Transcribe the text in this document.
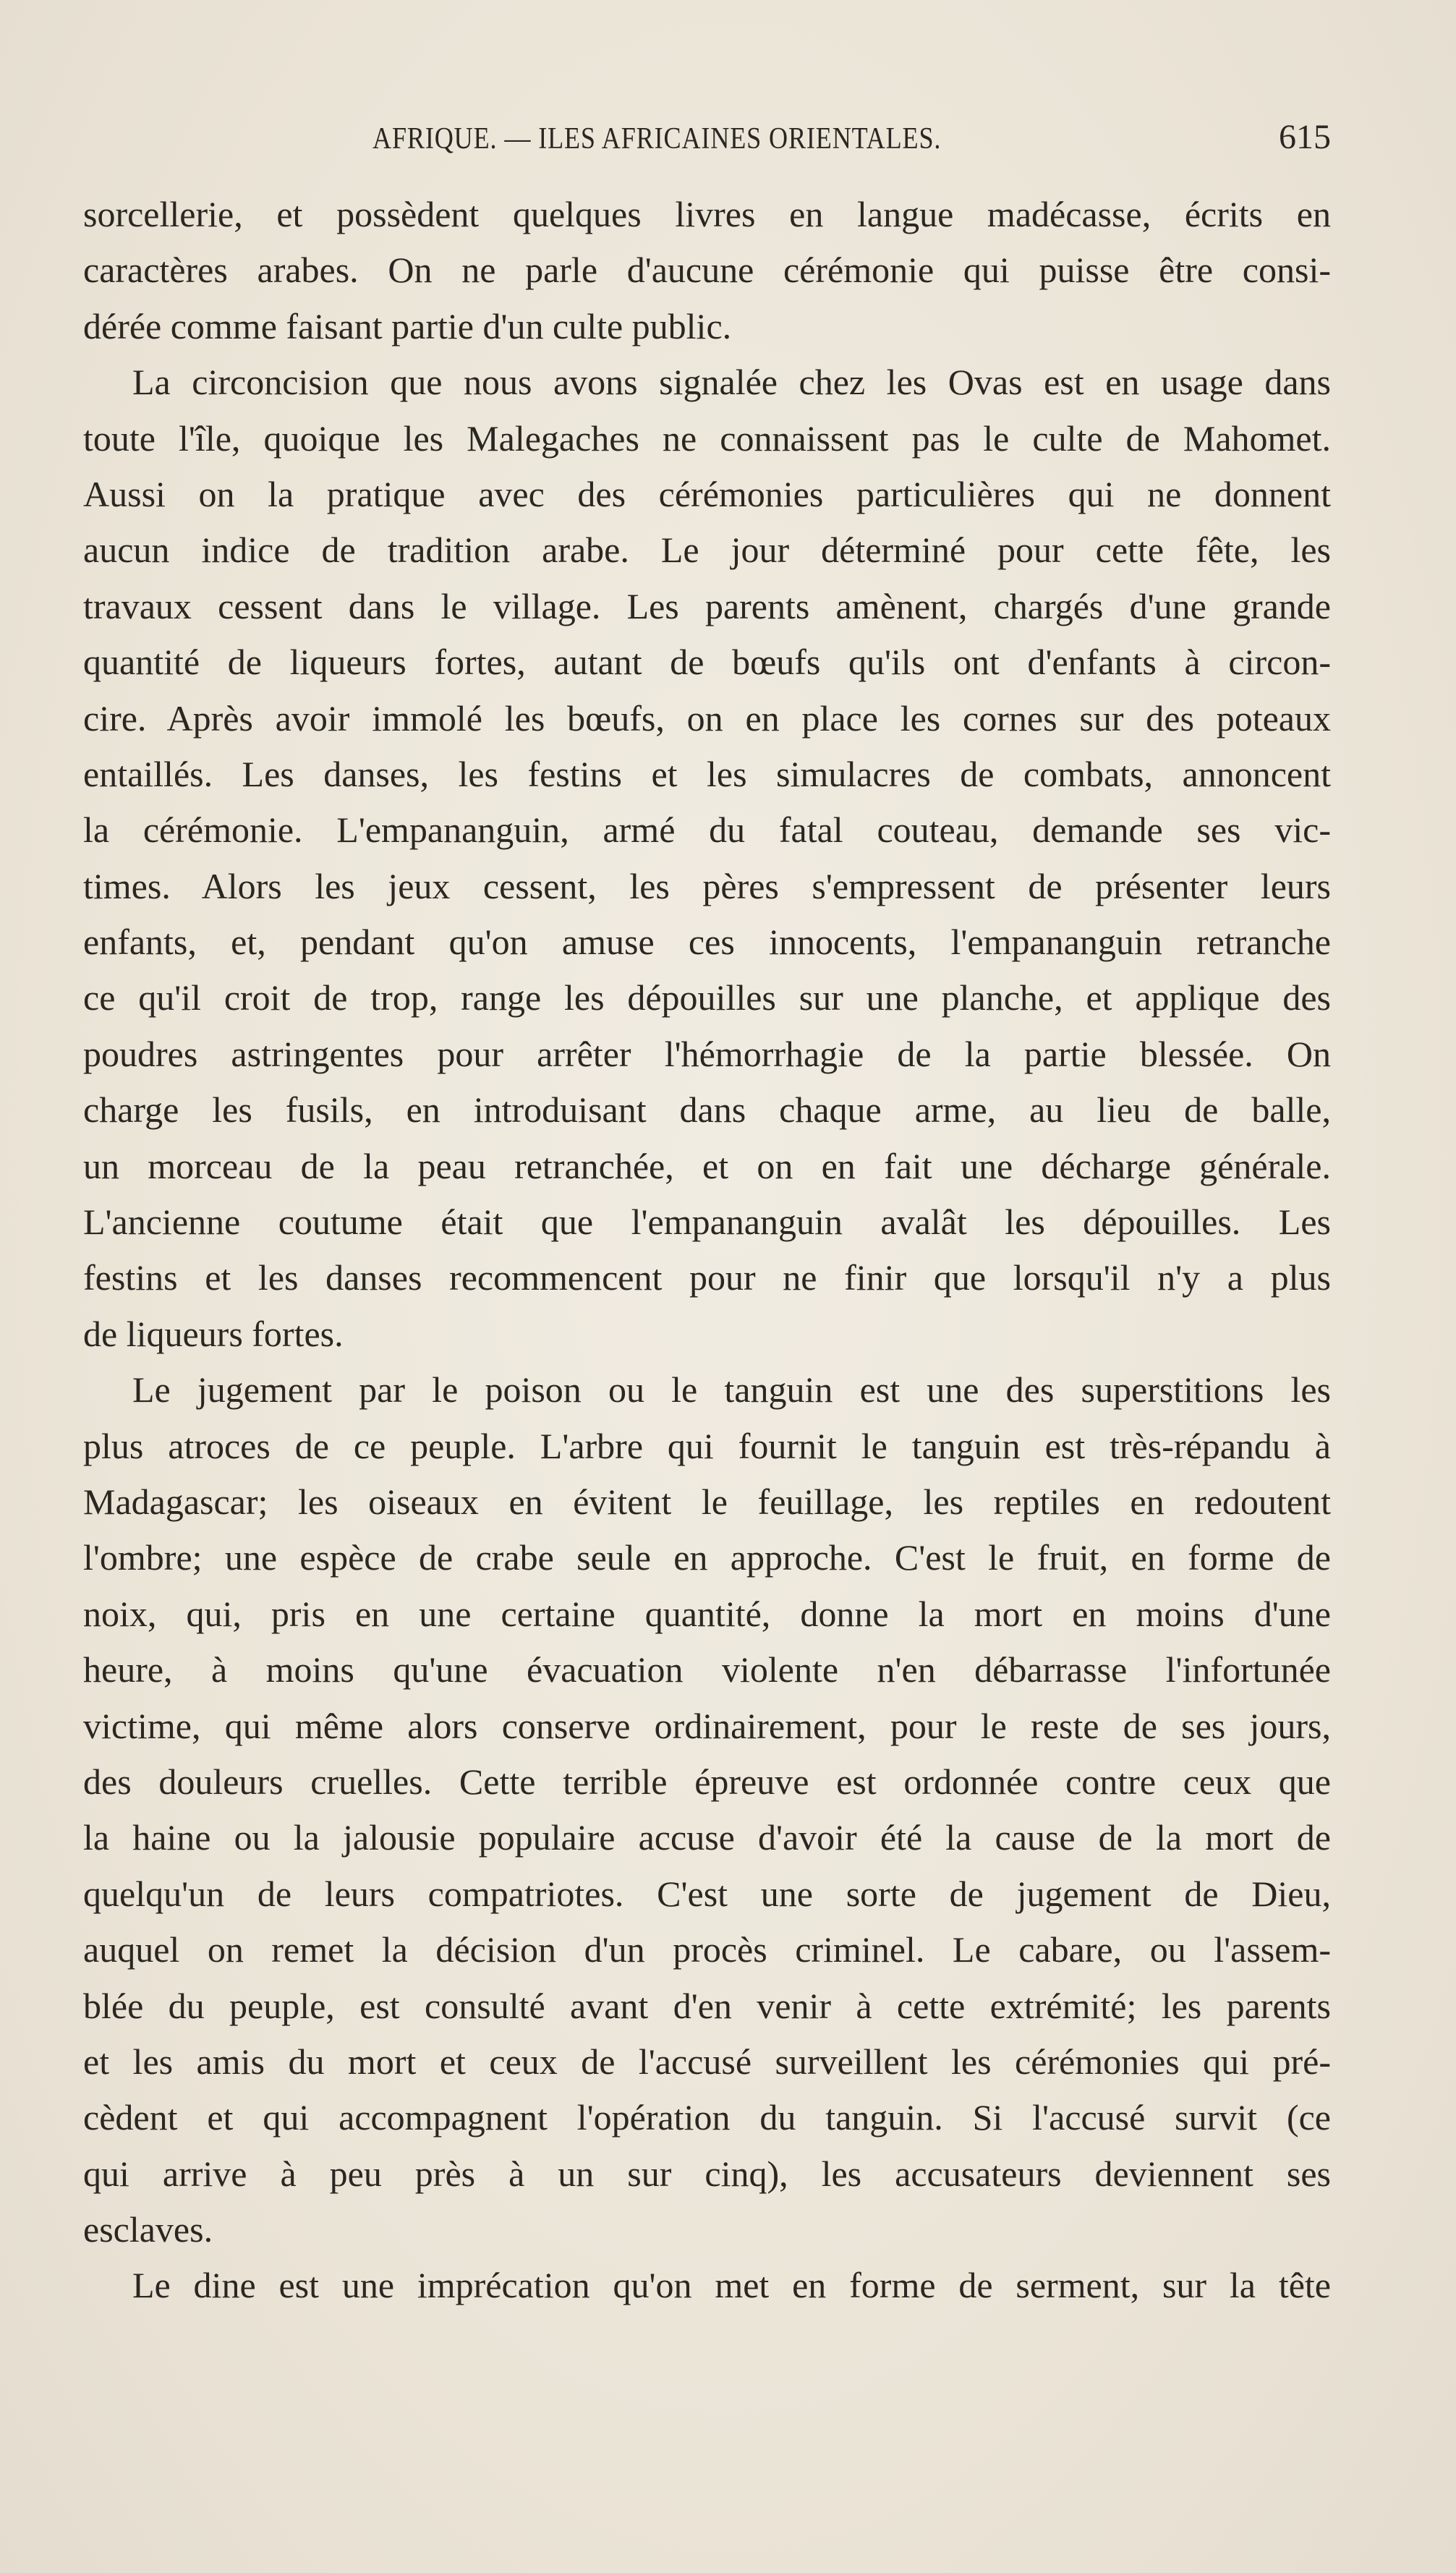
AFRIQUE. — ILES AFRICAINES ORIENTALES.	615

sorcellerie, et possèdent quelques livres en langue madécasse, écrits en
caractères arabes. On ne parle d'aucune cérémonie qui puisse être consi-
dérée comme faisant partie d'un culte public.

La circoncision que nous avons signalée chez les Ovas est en usage dans
toute l'île, quoique les Malegaches ne connaissent pas le culte de Mahomet.
Aussi on la pratique avec des cérémonies particulières qui ne donnent
aucun indice de tradition arabe. Le jour déterminé pour cette fête, les
travaux cessent dans le village. Les parents amènent, chargés d'une grande
quantité de liqueurs fortes, autant de bœufs qu'ils ont d'enfants à circon-
cire. Après avoir immolé les bœufs, on en place les cornes sur des poteaux
entaillés. Les danses, les festins et les simulacres de combats, annoncent
la cérémonie. L'empananguin, armé du fatal couteau, demande ses vic-
times. Alors les jeux cessent, les pères s'empressent de présenter leurs
enfants, et, pendant qu'on amuse ces innocents, l'empananguin retranche
ce qu'il croit de trop, range les dépouilles sur une planche, et applique des
poudres astringentes pour arrêter l'hémorrhagie de la partie blessée. On
charge les fusils, en introduisant dans chaque arme, au lieu de balle,
un morceau de la peau retranchée, et on en fait une décharge générale.
L'ancienne coutume était que l'empananguin avalât les dépouilles. Les
festins et les danses recommencent pour ne finir que lorsqu'il n'y a plus
de liqueurs fortes.

Le jugement par le poison ou le tanguin est une des superstitions les
plus atroces de ce peuple. L'arbre qui fournit le tanguin est très-répandu à
Madagascar; les oiseaux en évitent le feuillage, les reptiles en redoutent
l'ombre; une espèce de crabe seule en approche. C'est le fruit, en forme de
noix, qui, pris en une certaine quantité, donne la mort en moins d'une
heure, à moins qu'une évacuation violente n'en débarrasse l'infortunée
victime, qui même alors conserve ordinairement, pour le reste de ses jours,
des douleurs cruelles. Cette terrible épreuve est ordonnée contre ceux que
la haine ou la jalousie populaire accuse d'avoir été la cause de la mort de
quelqu'un de leurs compatriotes. C'est une sorte de jugement de Dieu,
auquel on remet la décision d'un procès criminel. Le cabare, ou l'assem-
blée du peuple, est consulté avant d'en venir à cette extrémité; les parents
et les amis du mort et ceux de l'accusé surveillent les cérémonies qui pré-
cèdent et qui accompagnent l'opération du tanguin. Si l'accusé survit (ce
qui arrive à peu près à un sur cinq), les accusateurs deviennent ses
esclaves.

Le dine est une imprécation qu'on met en forme de serment, sur la tête
